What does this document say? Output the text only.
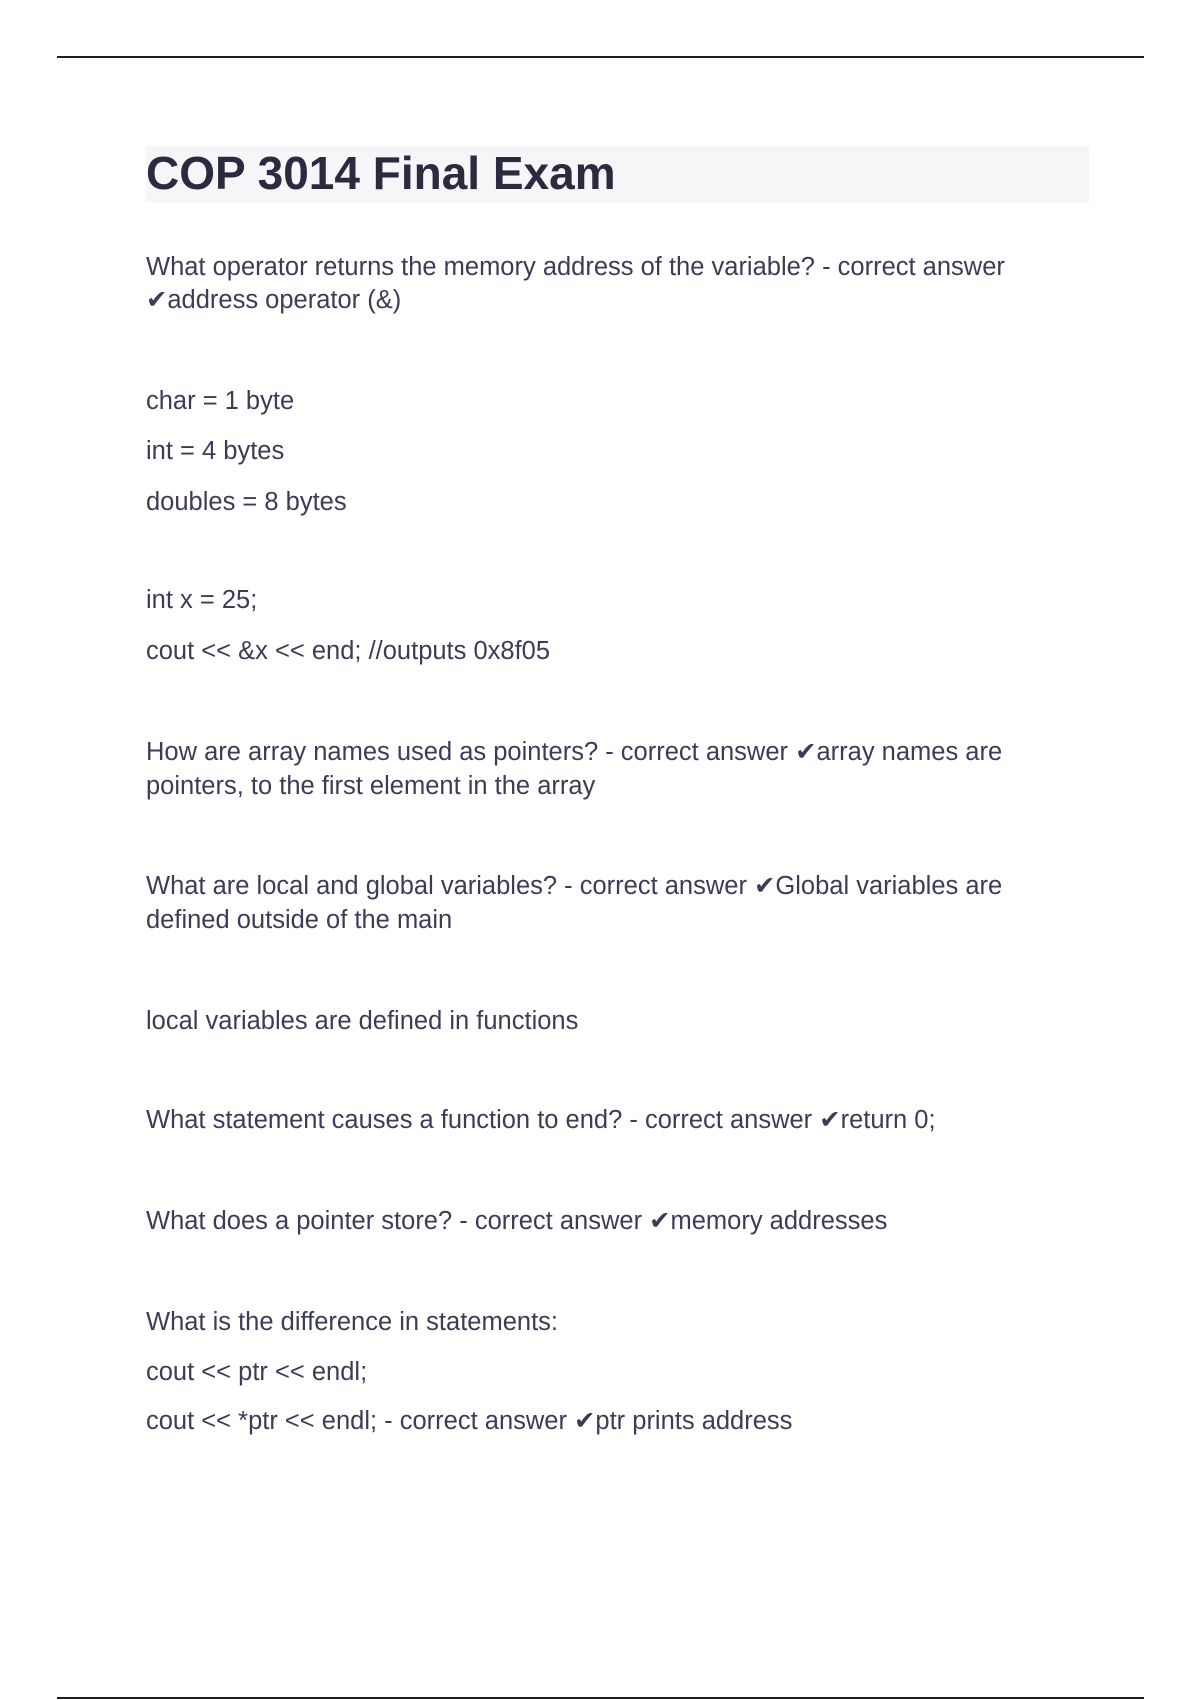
COP 3014 Final Exam

What operator returns the memory address of the variable? - correct answer

✔address operator (&)

char = 1 byte

int = 4 bytes

doubles = 8 bytes

int x = 25;

cout << &x << end; //outputs 0x8f05

How are array names used as pointers? - correct answer ✔array names are

pointers, to the first element in the array

What are local and global variables? - correct answer ✔Global variables are

defined outside of the main

local variables are defined in functions

What statement causes a function to end? - correct answer ✔return 0;

What does a pointer store? - correct answer ✔memory addresses

What is the difference in statements:

cout << ptr << endl;

cout << *ptr << endl; - correct answer ✔ptr prints address
